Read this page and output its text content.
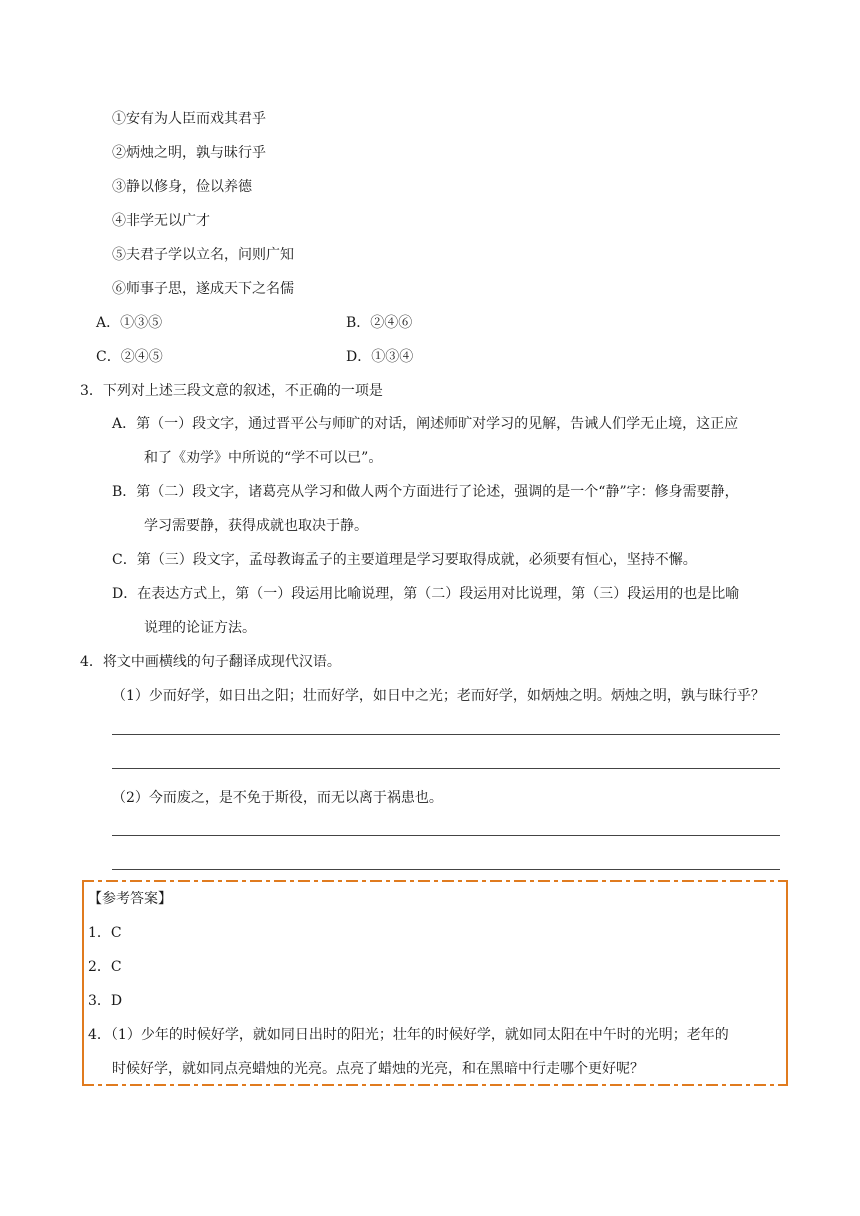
①安有为人臣而戏其君乎
②炳烛之明，孰与昧行乎
③静以修身，俭以养德
④非学无以广才
⑤夫君子学以立名，问则广知
⑥师事子思，遂成天下之名儒
A．①③⑤	B．②④⑥
C．②④⑤	D．①③④
3．下列对上述三段文意的叙述，不正确的一项是
A．第（一）段文字，通过晋平公与师旷的对话，阐述师旷对学习的见解，告诫人们学无止境，这正应
和了《劝学》中所说的“学不可以已”。
B．第（二）段文字，诸葛亮从学习和做人两个方面进行了论述，强调的是一个“静”字：修身需要静，
学习需要静，获得成就也取决于静。
C．第（三）段文字，孟母教诲孟子的主要道理是学习要取得成就，必须要有恒心，坚持不懈。
D．在表达方式上，第（一）段运用比喻说理，第（二）段运用对比说理，第（三）段运用的也是比喻
说理的论证方法。
4．将文中画横线的句子翻译成现代汉语。
（1）少而好学，如日出之阳；壮而好学，如日中之光；老而好学，如炳烛之明。炳烛之明，孰与昧行乎？
（2）今而废之，是不免于斯役，而无以离于祸患也。
【参考答案】
1．C
2．C
3．D
4．（1）少年的时候好学，就如同日出时的阳光；壮年的时候好学，就如同太阳在中午时的光明；老年的
时候好学，就如同点亮蜡烛的光亮。点亮了蜡烛的光亮，和在黑暗中行走哪个更好呢？
